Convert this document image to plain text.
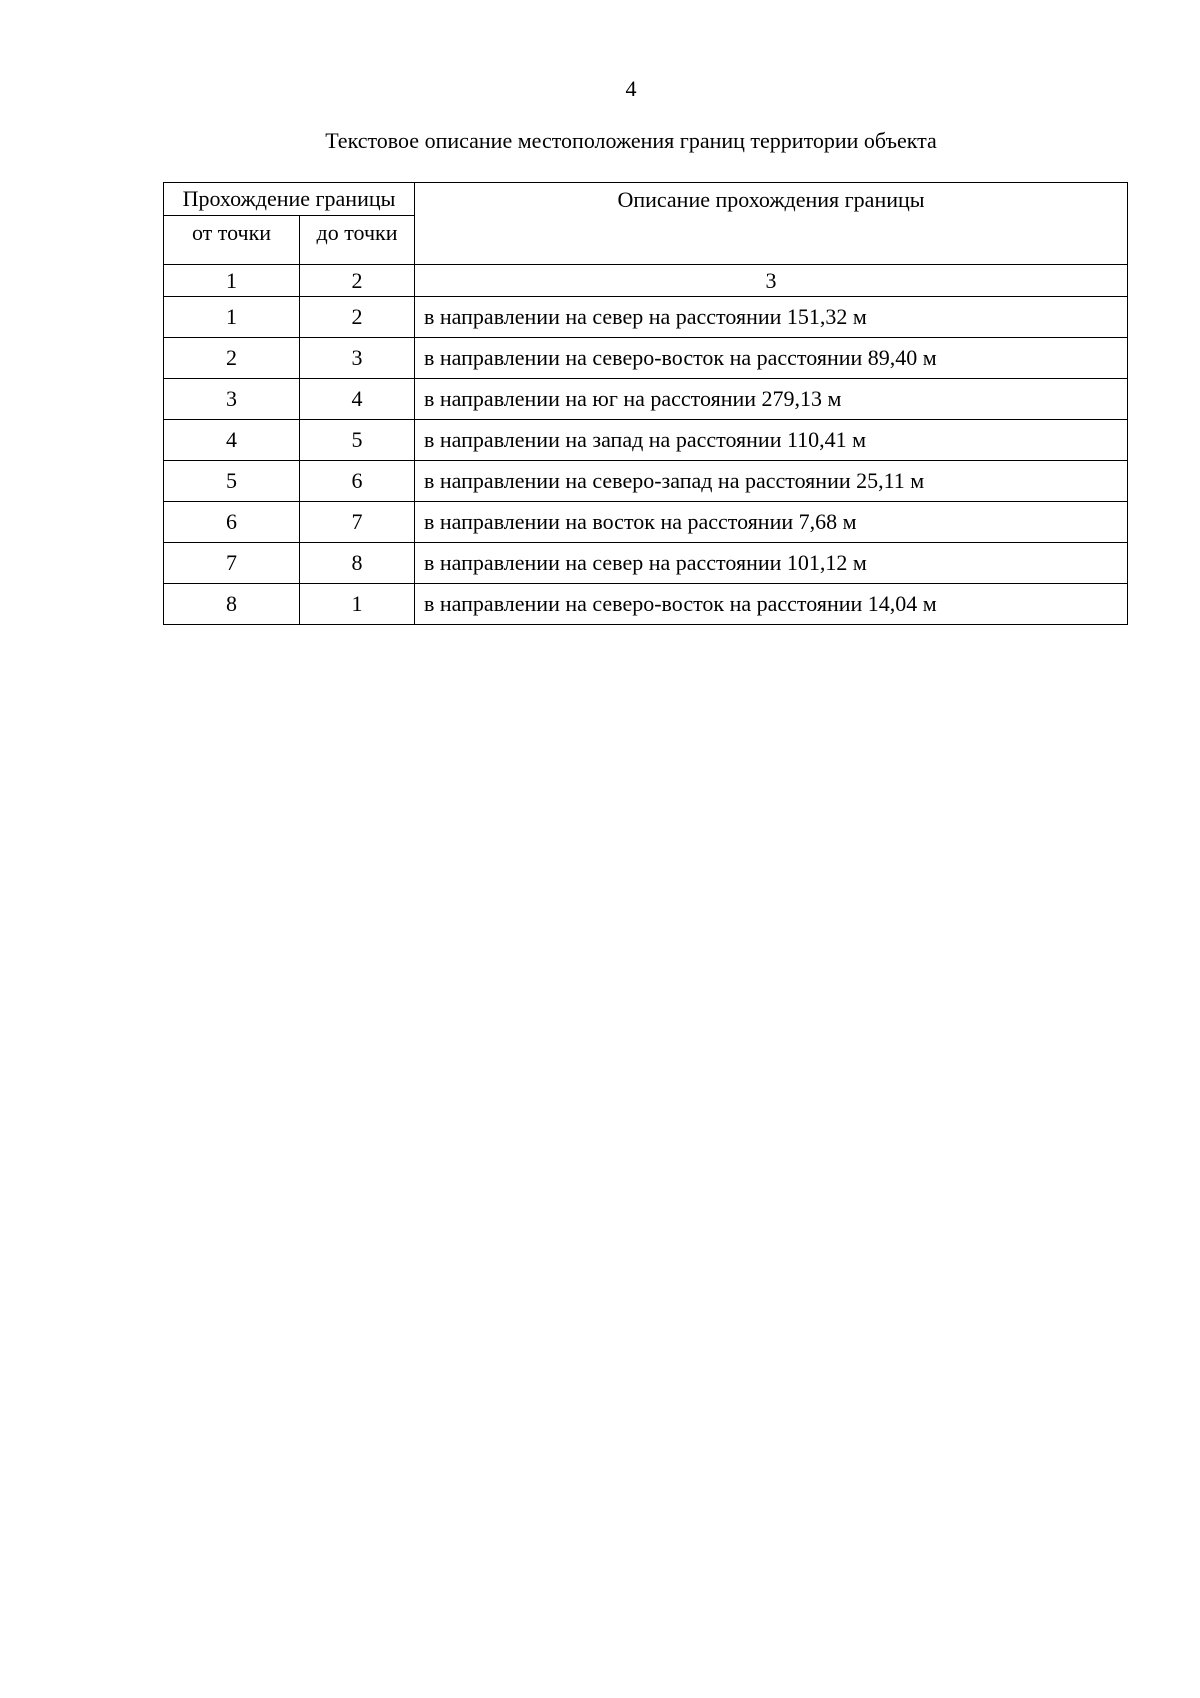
4
Текстовое описание местоположения границ территории объекта
Прохождение границы		Описание прохождения границы
от точки	до точки	
1	2	3
1	2	в направлении на север на расстоянии 151,32 м
2	3	в направлении на северо-восток на расстоянии 89,40 м
3	4	в направлении на юг на расстоянии 279,13 м
4	5	в направлении на запад на расстоянии 110,41 м
5	6	в направлении на северо-запад на расстоянии 25,11 м
6	7	в направлении на восток на расстоянии 7,68 м
7	8	в направлении на север на расстоянии 101,12 м
8	1	в направлении на северо-восток на расстоянии 14,04 м
